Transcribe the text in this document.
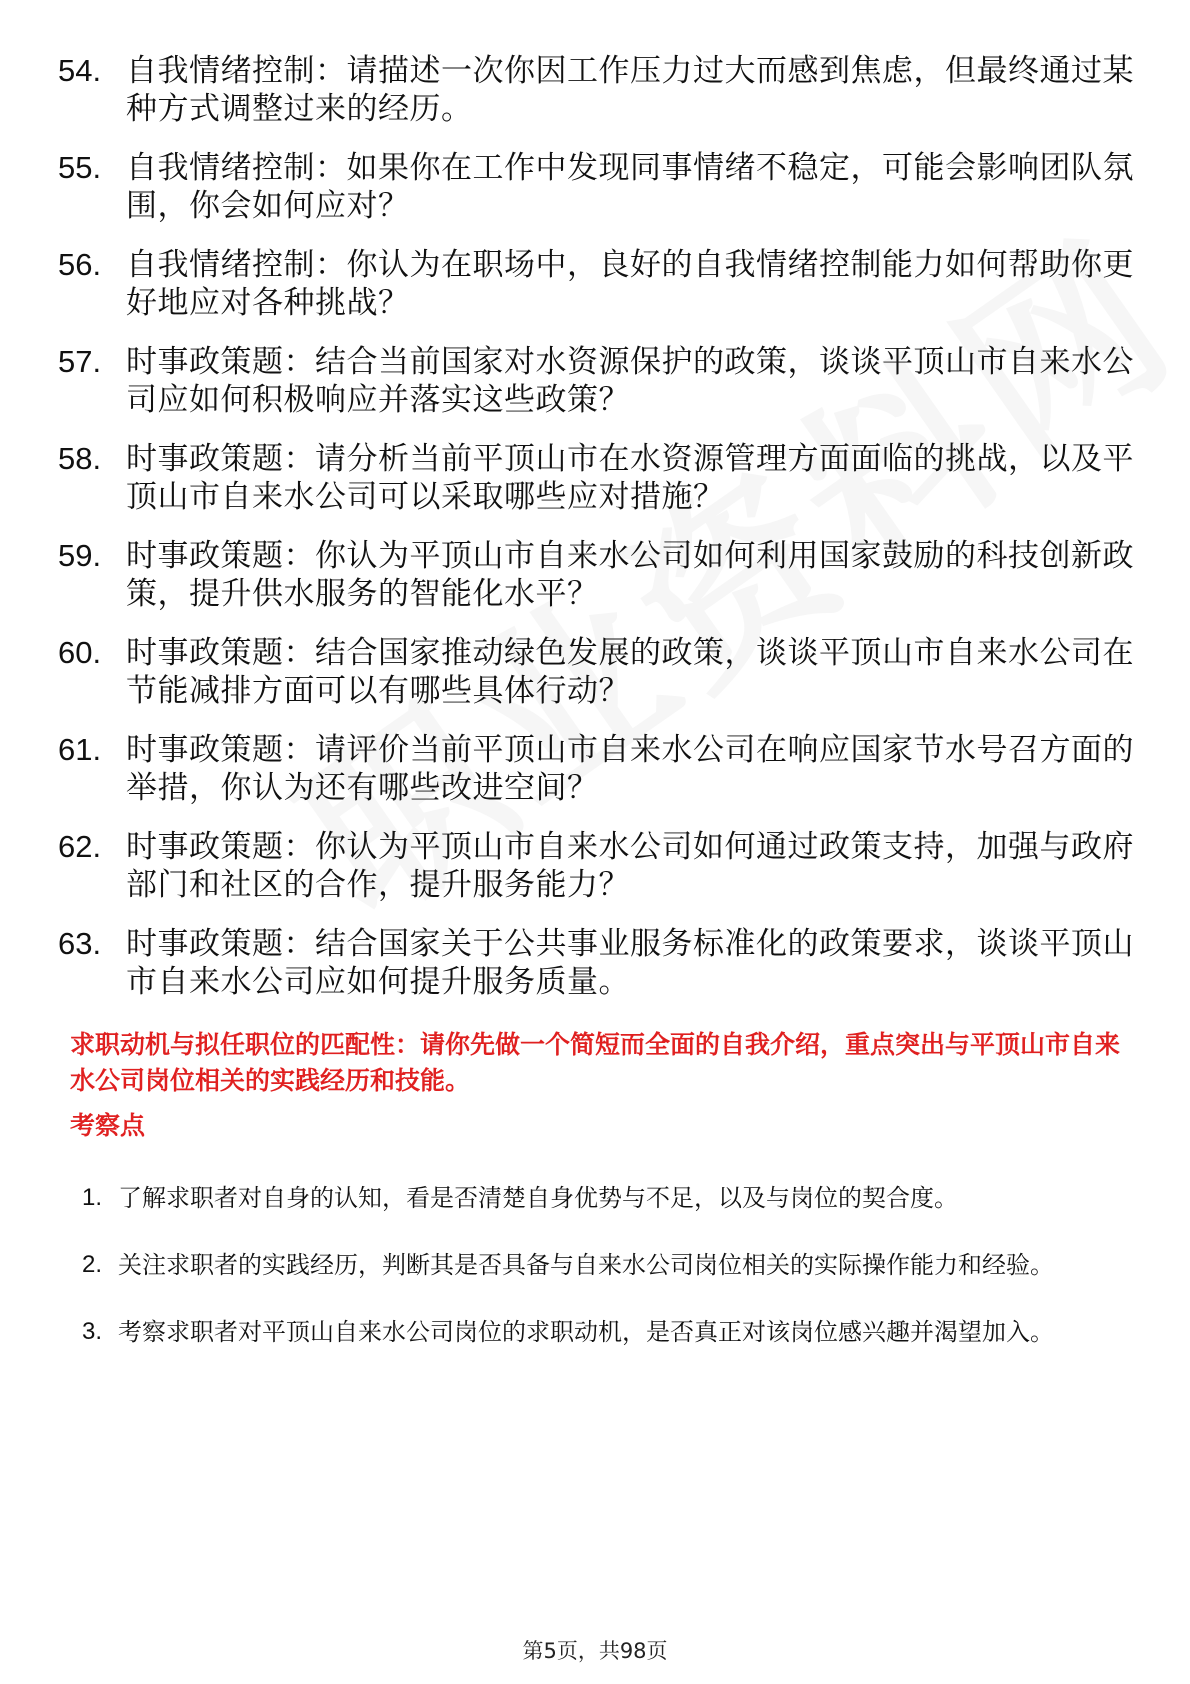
54. 自我情绪控制：请描述一次你因工作压力过大而感到焦虑，但最终通过某种方式调整过来的经历。
55. 自我情绪控制：如果你在工作中发现同事情绪不稳定，可能会影响团队氛围，你会如何应对？
56. 自我情绪控制：你认为在职场中，良好的自我情绪控制能力如何帮助你更好地应对各种挑战？
57. 时事政策题：结合当前国家对水资源保护的政策，谈谈平顶山市自来水公司应如何积极响应并落实这些政策？
58. 时事政策题：请分析当前平顶山市在水资源管理方面面临的挑战，以及平顶山市自来水公司可以采取哪些应对措施？
59. 时事政策题：你认为平顶山市自来水公司如何利用国家鼓励的科技创新政策，提升供水服务的智能化水平？
60. 时事政策题：结合国家推动绿色发展的政策，谈谈平顶山市自来水公司在节能减排方面可以有哪些具体行动？
61. 时事政策题：请评价当前平顶山市自来水公司在响应国家节水号召方面的举措，你认为还有哪些改进空间？
62. 时事政策题：你认为平顶山市自来水公司如何通过政策支持，加强与政府部门和社区的合作，提升服务能力？
63. 时事政策题：结合国家关于公共事业服务标准化的政策要求，谈谈平顶山市自来水公司应如何提升服务质量。
求职动机与拟任职位的匹配性：请你先做一个简短而全面的自我介绍，重点突出与平顶山市自来水公司岗位相关的实践经历和技能。
考察点
1. 了解求职者对自身的认知，看是否清楚自身优势与不足，以及与岗位的契合度。
2. 关注求职者的实践经历，判断其是否具备与自来水公司岗位相关的实际操作能力和经验。
3. 考察求职者对平顶山自来水公司岗位的求职动机，是否真正对该岗位感兴趣并渴望加入。
第5页，共98页
